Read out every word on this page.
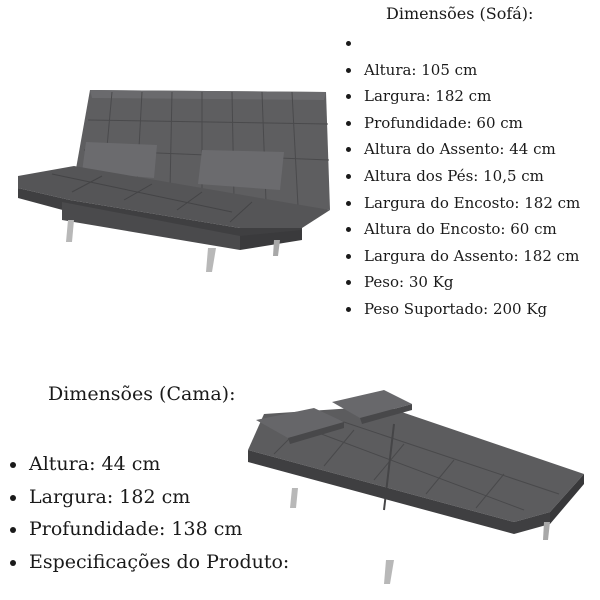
Dimensões (Sofá):
Altura: 105 cm
Largura: 182 cm
Profundidade: 60 cm
Altura do Assento: 44 cm
Altura dos Pés: 10,5 cm
Largura do Encosto: 182 cm
Altura do Encosto: 60 cm
Largura do Assento: 182 cm
Peso: 30 Kg
Peso Suportado: 200 Kg
Dimensões (Cama):
Altura: 44 cm
Largura: 182 cm
Profundidade: 138 cm
Especificações do Produto:
